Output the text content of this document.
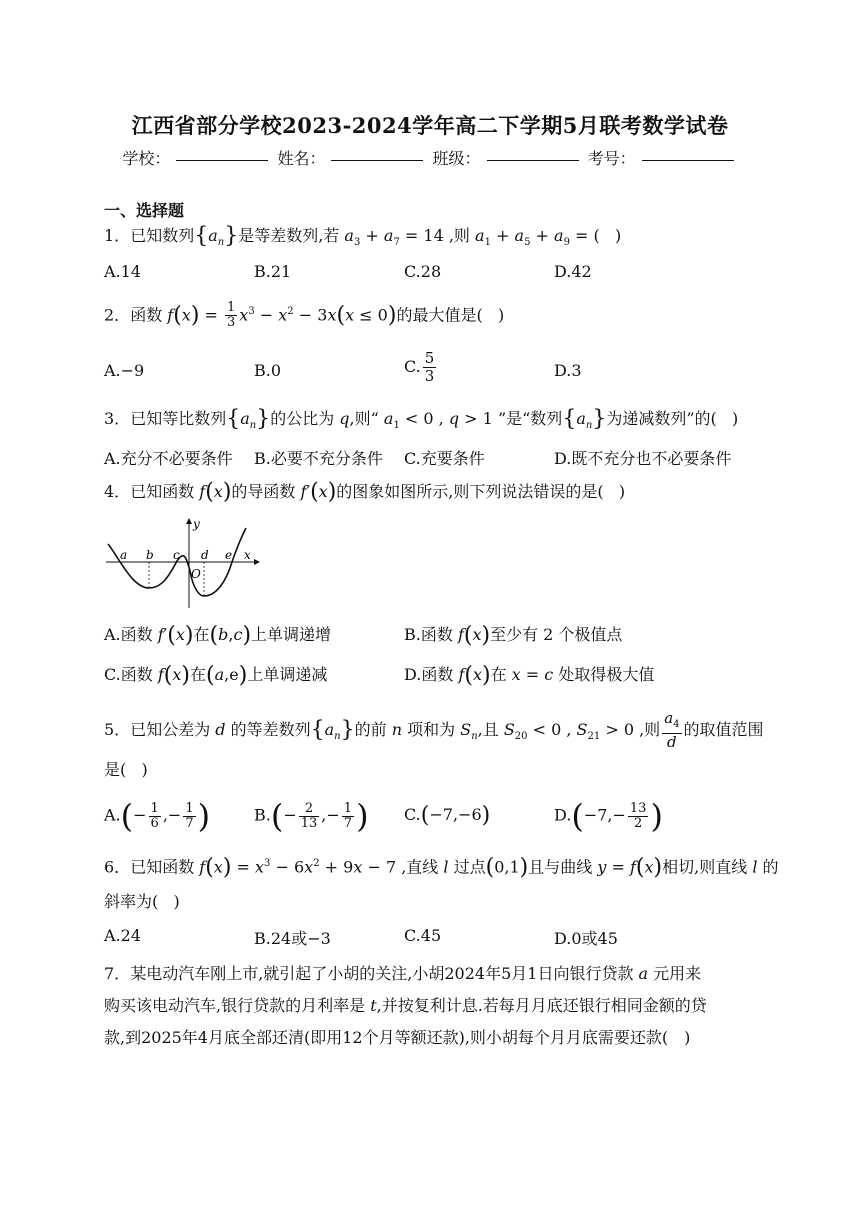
江西省部分学校2023-2024学年高二下学期5月联考数学试卷
学校：	姓名：	班级：	考号：
一、选择题
1．已知数列$\{a_n\}$是等差数列,若 $a_3 + a_7 = 14$ ,则 $a_1 + a_5 + a_9$ = (   )
A.14	B.21	C.28	D.42
2．函数 $f(x) = \frac{1}{3} x^3 - x^2 - 3x(x \le 0)$的最大值是(   )
A.−9	B.0	C. $\frac{5}{3}$	D.3
3．已知等比数列$\{a_n\}$的公比为 q,则“ $a_1 < 0$ , q > 1 ”是“数列$\{a_n\}$为递减数列”的(   )
A.充分不必要条件 B.必要不充分条件 C.充要条件	D.既不充分也不必要条件
4．已知函数 f(x)的导函数 f′(x)的图象如图所示,则下列说法错误的是(   )
a b c d e x
y
O
A.函数 f′(x)在(b,c)上单调递增	B.函数 f(x)至少有 2 个极值点
C.函数 f(x)在(a,e)上单调递减	D.函数 f(x)在 x = c 处取得极大值
5．已知公差为 d 的等差数列$\{a_n\}$的前 n 项和为 $S_n$,且 $S_{20} < 0$ , $S_{21} > 0$ ,则 $\frac{a_4}{d}$ 的取值范围
是(   )
$A.(- \frac{1}{6}$ ,− $\frac{1}{7}$ )	$B.(- \frac{2}{13}$ ,− $\frac{1}{7}$ ) C.(−7,−6)	$D.(-7,- \frac{13}{2}$ )
6．已知函数 $f(x) = x^3 - 6x^2 + 9x - 7$ ,直线 l 过点(0,1)且与曲线 y = f(x)相切,则直线 l 的
斜率为(   )
A.24	B.24或−3	C.45	D.0或45
7．某电动汽车刚上市,就引起了小胡的关注,小胡2024年5月1日向银行贷款 a 元用来
购买该电动汽车,银行贷款的月利率是 t,并按复利计息.若每月月底还银行相同金额的贷
款,到2025年4月底全部还清(即用12个月等额还款),则小胡每个月月底需要还款( )
